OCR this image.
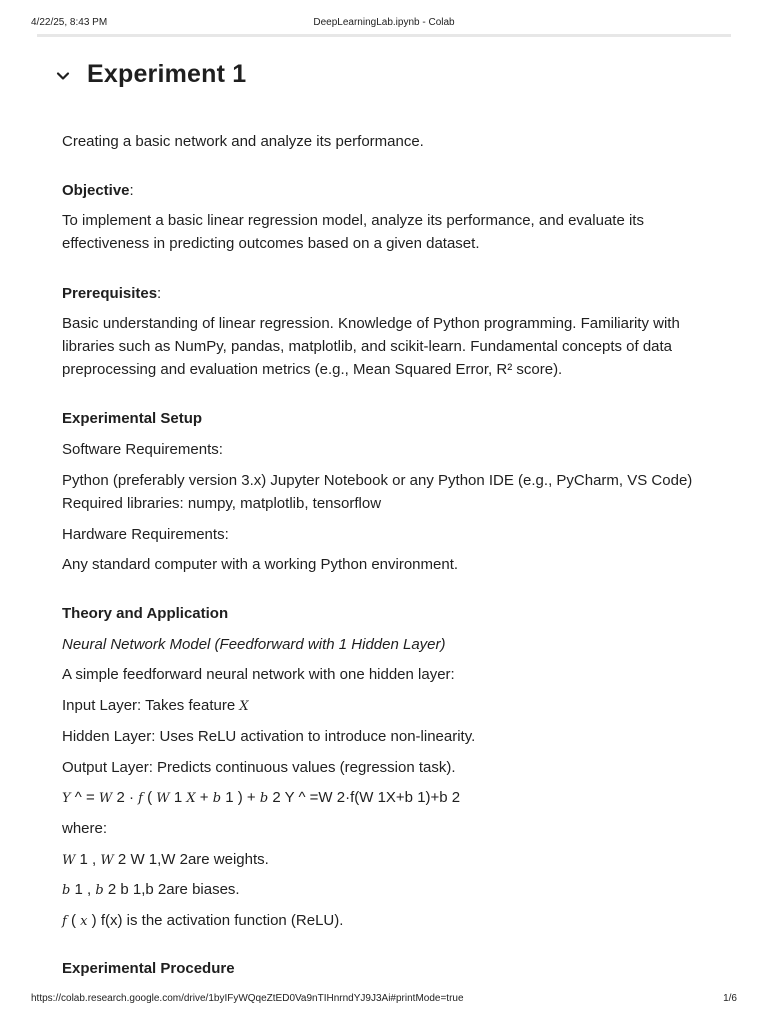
4/22/25, 8:43 PM	DeepLearningLab.ipynb - Colab
Experiment 1
Creating a basic network and analyze its performance.
Objective:
To implement a basic linear regression model, analyze its performance, and evaluate its
effectiveness in predicting outcomes based on a given dataset.
Prerequisites:
Basic understanding of linear regression. Knowledge of Python programming. Familiarity with
libraries such as NumPy, pandas, matplotlib, and scikit-learn. Fundamental concepts of data
preprocessing and evaluation metrics (e.g., Mean Squared Error, R² score).
Experimental Setup
Software Requirements:
Python (preferably version 3.x) Jupyter Notebook or any Python IDE (e.g., PyCharm, VS Code)
Required libraries: numpy, matplotlib, tensorflow
Hardware Requirements:
Any standard computer with a working Python environment.
Theory and Application
Neural Network Model (Feedforward with 1 Hidden Layer)
A simple feedforward neural network with one hidden layer:
Input Layer: Takes feature X
Hidden Layer: Uses ReLU activation to introduce non-linearity.
Output Layer: Predicts continuous values (regression task).
Y ^ = W 2 · f ( W 1 X + b 1 ) + b 2 Y ^ =W 2·f(W 1X+b 1)+b 2
where:
W 1 , W 2 W 1,W 2are weights.
b 1 , b 2 b 1,b 2are biases.
f ( x ) f(x) is the activation function (ReLU).
Experimental Procedure
https://colab.research.google.com/drive/1byIFyWQqeZtED0Va9nTIHnrndYJ9J3Ai#printMode=true	1/6
